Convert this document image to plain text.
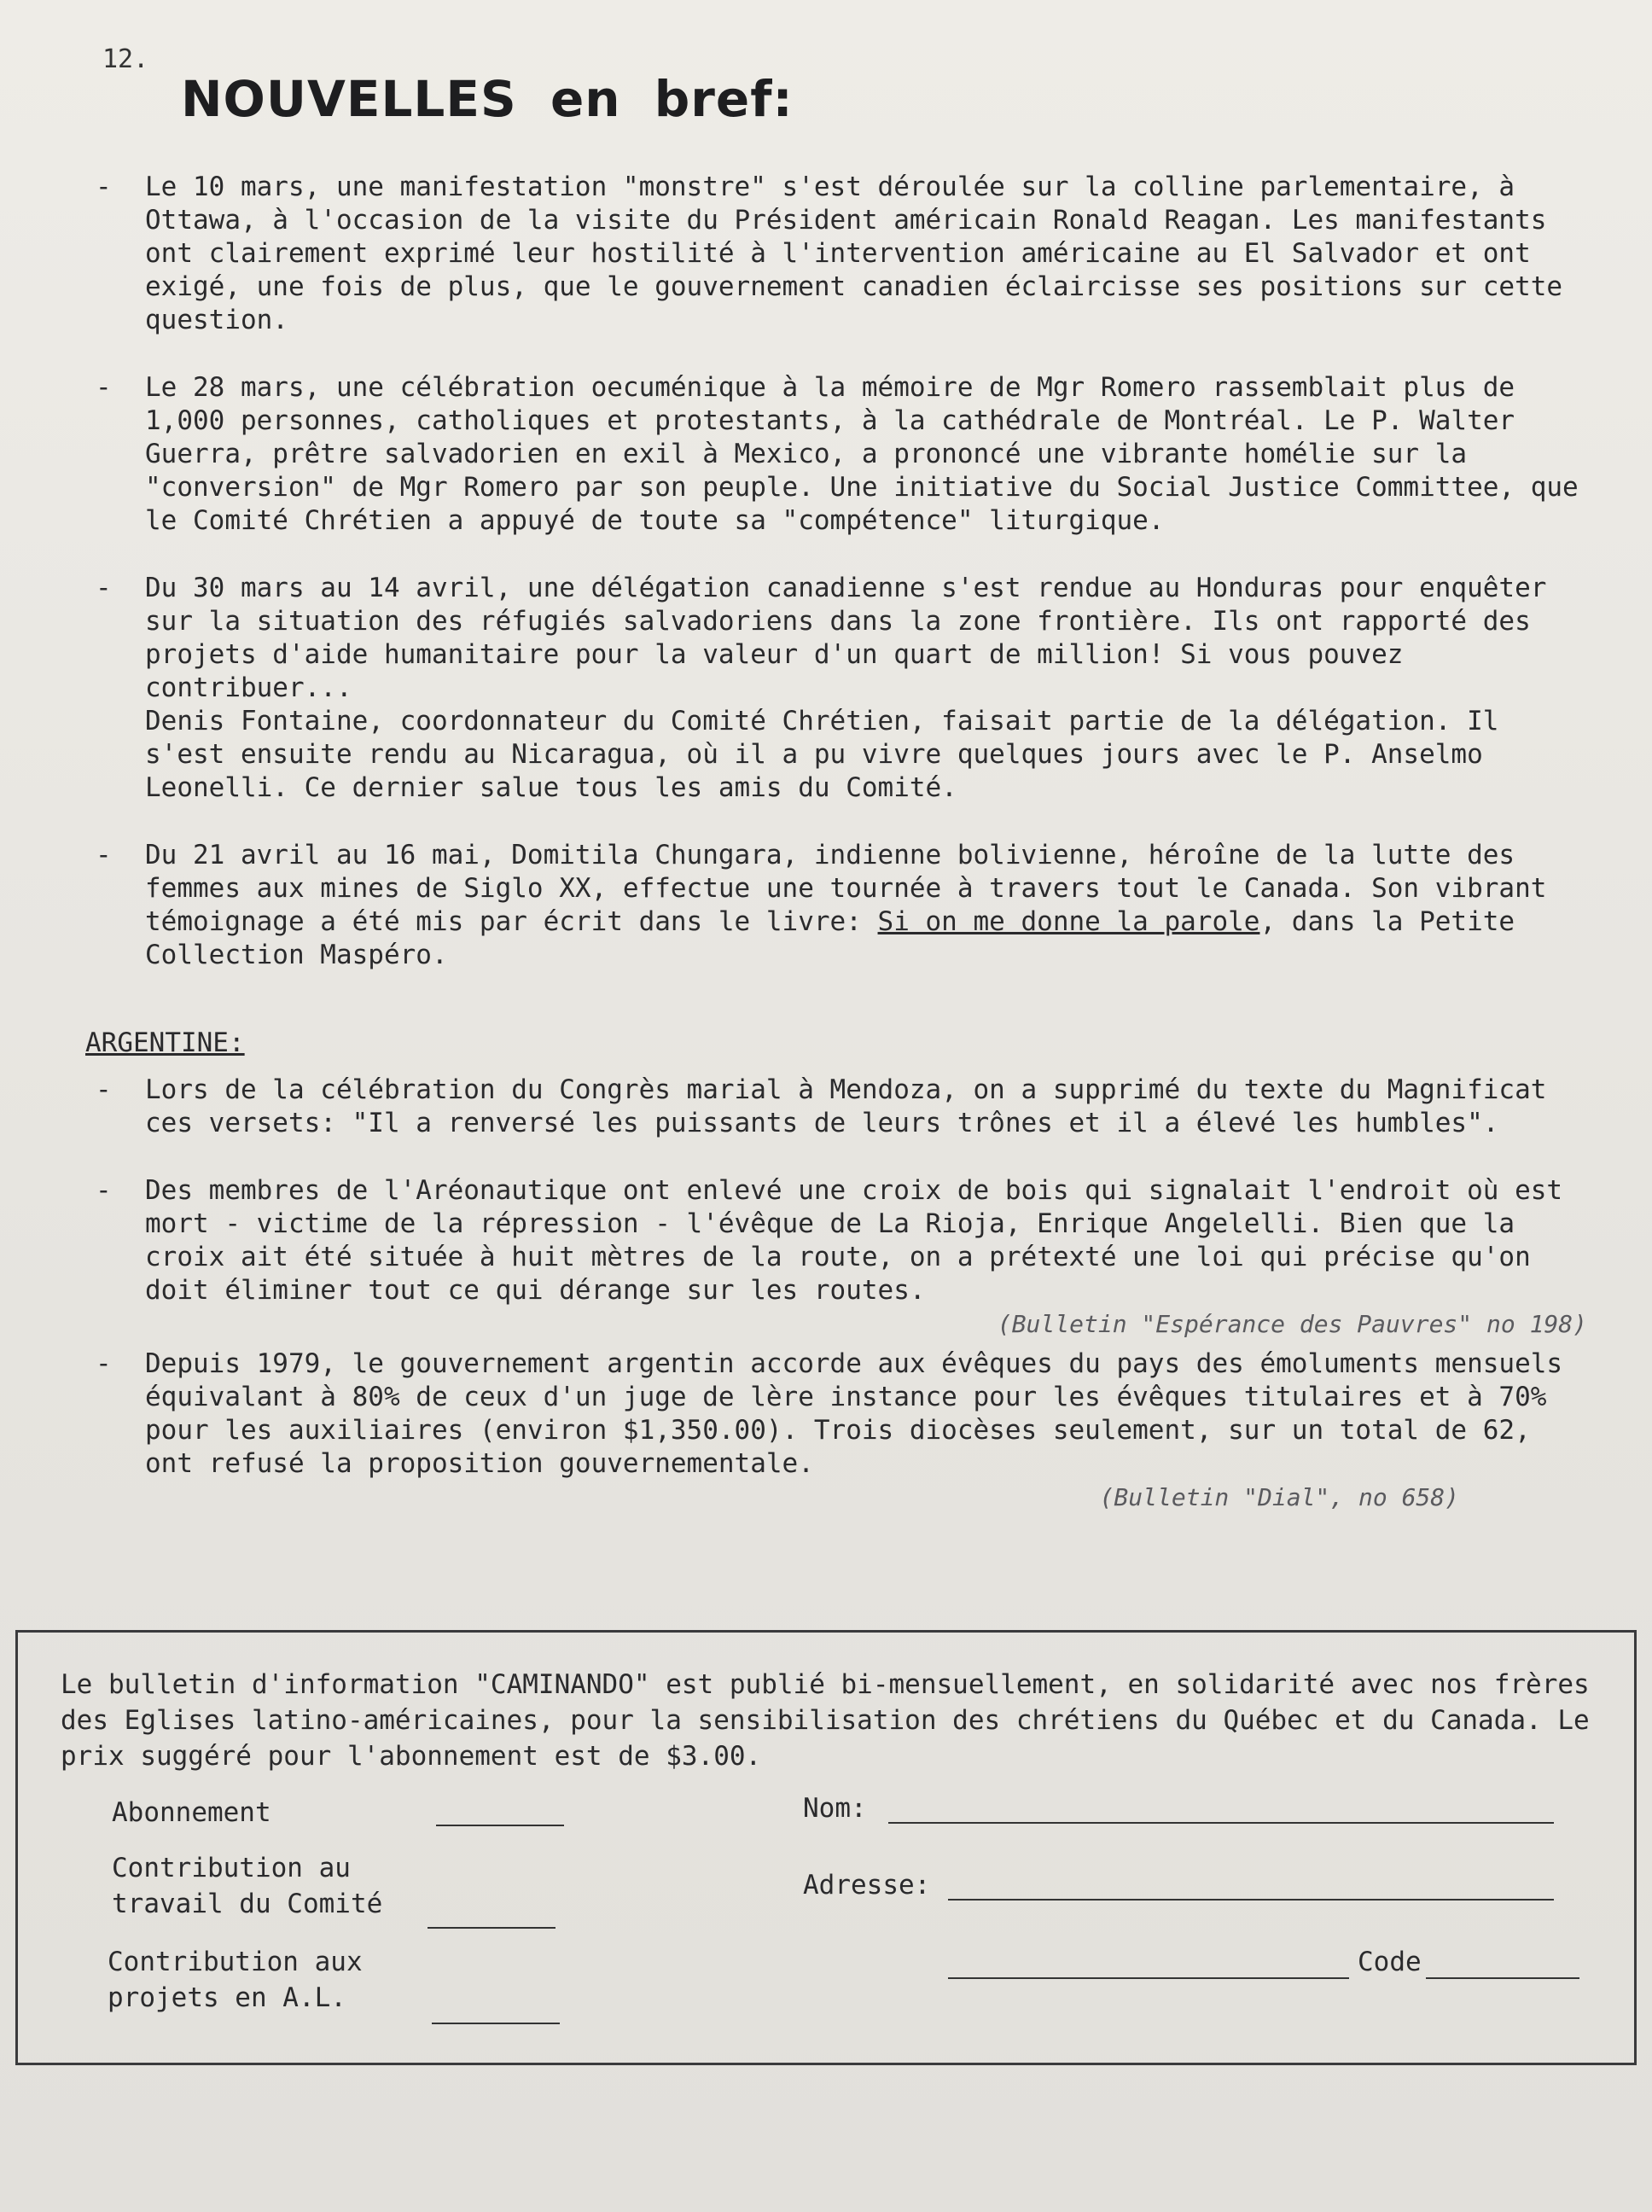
12.
NOUVELLES en bref:
-	Le 10 mars, une manifestation "monstre" s'est déroulée sur la colline parlementaire, à Ottawa, à l'occasion de la visite du Président américain Ronald Reagan. Les manifestants ont clairement exprimé leur hostilité à l'intervention américaine au El Salvador et ont exigé, une fois de plus, que le gouvernement canadien éclaircisse ses positions sur cette question.

-	Le 28 mars, une célébration oecuménique à la mémoire de Mgr Romero rassemblait plus de 1,000 personnes, catholiques et protestants, à la cathédrale de Montréal. Le P. Walter Guerra, prêtre salvadorien en exil à Mexico, a prononcé une vibrante homélie sur la "conversion" de Mgr Romero par son peuple. Une initiative du Social Justice Committee, que le Comité Chrétien a appuyé de toute sa "compétence" liturgique.

-	Du 30 mars au 14 avril, une délégation canadienne s'est rendue au Honduras pour enquêter sur la situation des réfugiés salvadoriens dans la zone frontière. Ils ont rapporté des projets d'aide humanitaire pour la valeur d'un quart de million! Si vous pouvez contribuer...

Denis Fontaine, coordonnateur du Comité Chrétien, faisait partie de la délégation. Il s'est ensuite rendu au Nicaragua, où il a pu vivre quelques jours avec le P. Anselmo Leonelli. Ce dernier salue tous les amis du Comité.

-	Du 21 avril au 16 mai, Domitila Chungara, indienne bolivienne, héroîne de la lutte des femmes aux mines de Siglo XX, effectue une tournée à travers tout le Canada. Son vibrant témoignage a été mis par écrit dans le livre: Si on me donne la parole, dans la Petite Collection Maspéro.

ARGENTINE:
-	Lors de la célébration du Congrès marial à Mendoza, on a supprimé du texte du Magnificat ces versets: "Il a renversé les puissants de leurs trônes et il a élevé les humbles".

-	Des membres de l'Aréonautique ont enlevé une croix de bois qui signalait l'endroit où est mort - victime de la répression - l'évêque de La Rioja, Enrique Angelelli. Bien que la croix ait été située à huit mètres de la route, on a prétexté une loi qui précise qu'on doit éliminer tout ce qui dérange sur les routes.

(Bulletin "Espérance des Pauvres" no 198)

-	Depuis 1979, le gouvernement argentin accorde aux évêques du pays des émoluments mensuels équivalant à 80% de ceux d'un juge de lère instance pour les évêques titulaires et à 70% pour les auxiliaires (environ $1,350.00). Trois diocèses seulement, sur un total de 62, ont refusé la proposition gouvernementale.

(Bulletin "Dial", no 658)

Le bulletin d'information "CAMINANDO" est publié bi-mensuellement, en solidarité avec nos frères des Eglises latino-américaines, pour la sensibilisation des chrétiens du Québec et du Canada. Le prix suggéré pour l'abonnement est de $3.00.

Abonnement
Contribution au travail du Comité
Contribution aux projets en A.L.
Nom:
Adresse:
Code
